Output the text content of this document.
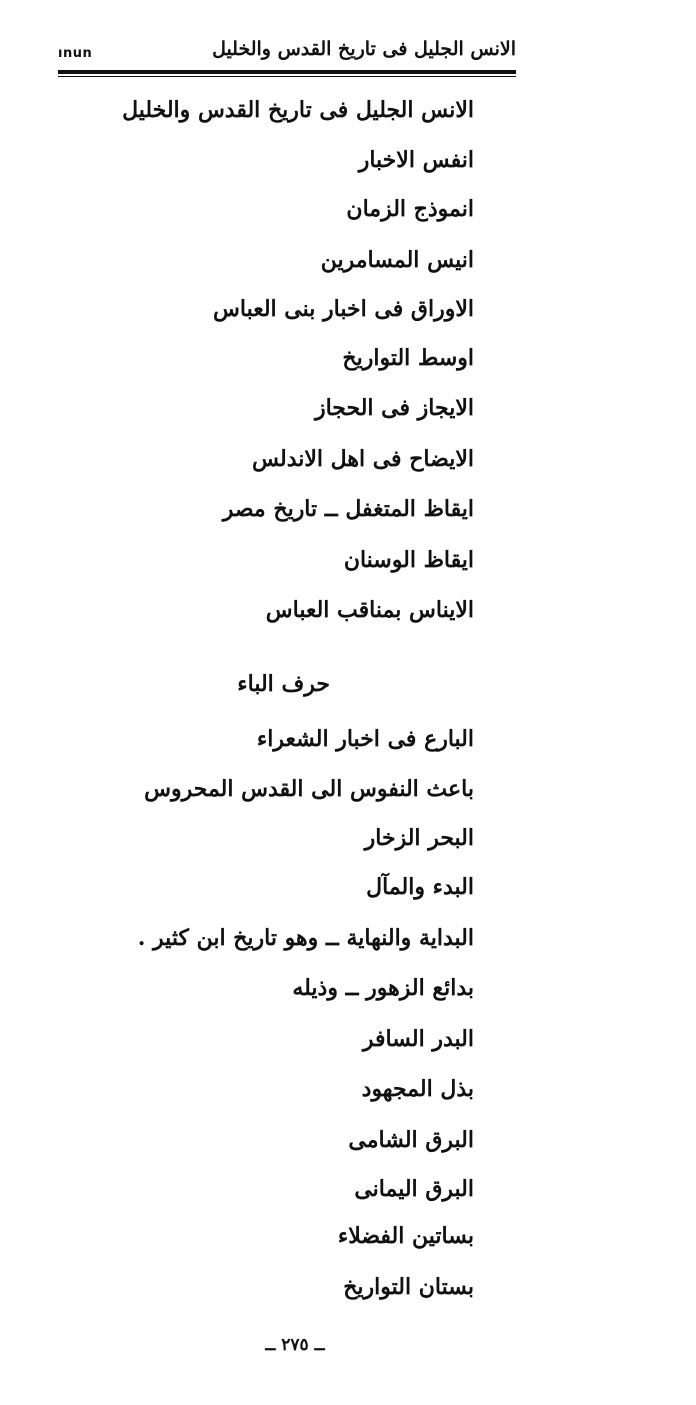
ınun	الانس الجليل فى تاريخ القدس والخليل
الانس الجليل فى تاريخ القدس والخليل
انفس الاخبار
انموذج الزمان
انيس المسامرين
الاوراق فى اخبار بنى العباس
اوسط التواريخ
الايجاز فى الحجاز
الايضاح فى اهل الاندلس
ايقاظ المتغفل ــ تاريخ مصر
ايقاظ الوسنان
الايناس بمناقب العباس
حرف الباء
البارع فى اخبار الشعراء
باعث النفوس الى القدس المحروس
البحر الزخار
البدء والمآل
البداية والنهاية ــ وهو تاريخ ابن كثير .
بدائع الزهور ــ وذيله
البدر السافر
بذل المجهود
البرق الشامى
البرق اليمانى
بساتين الفضلاء
بستان التواريخ
ــ ٢٧٥ ــ
